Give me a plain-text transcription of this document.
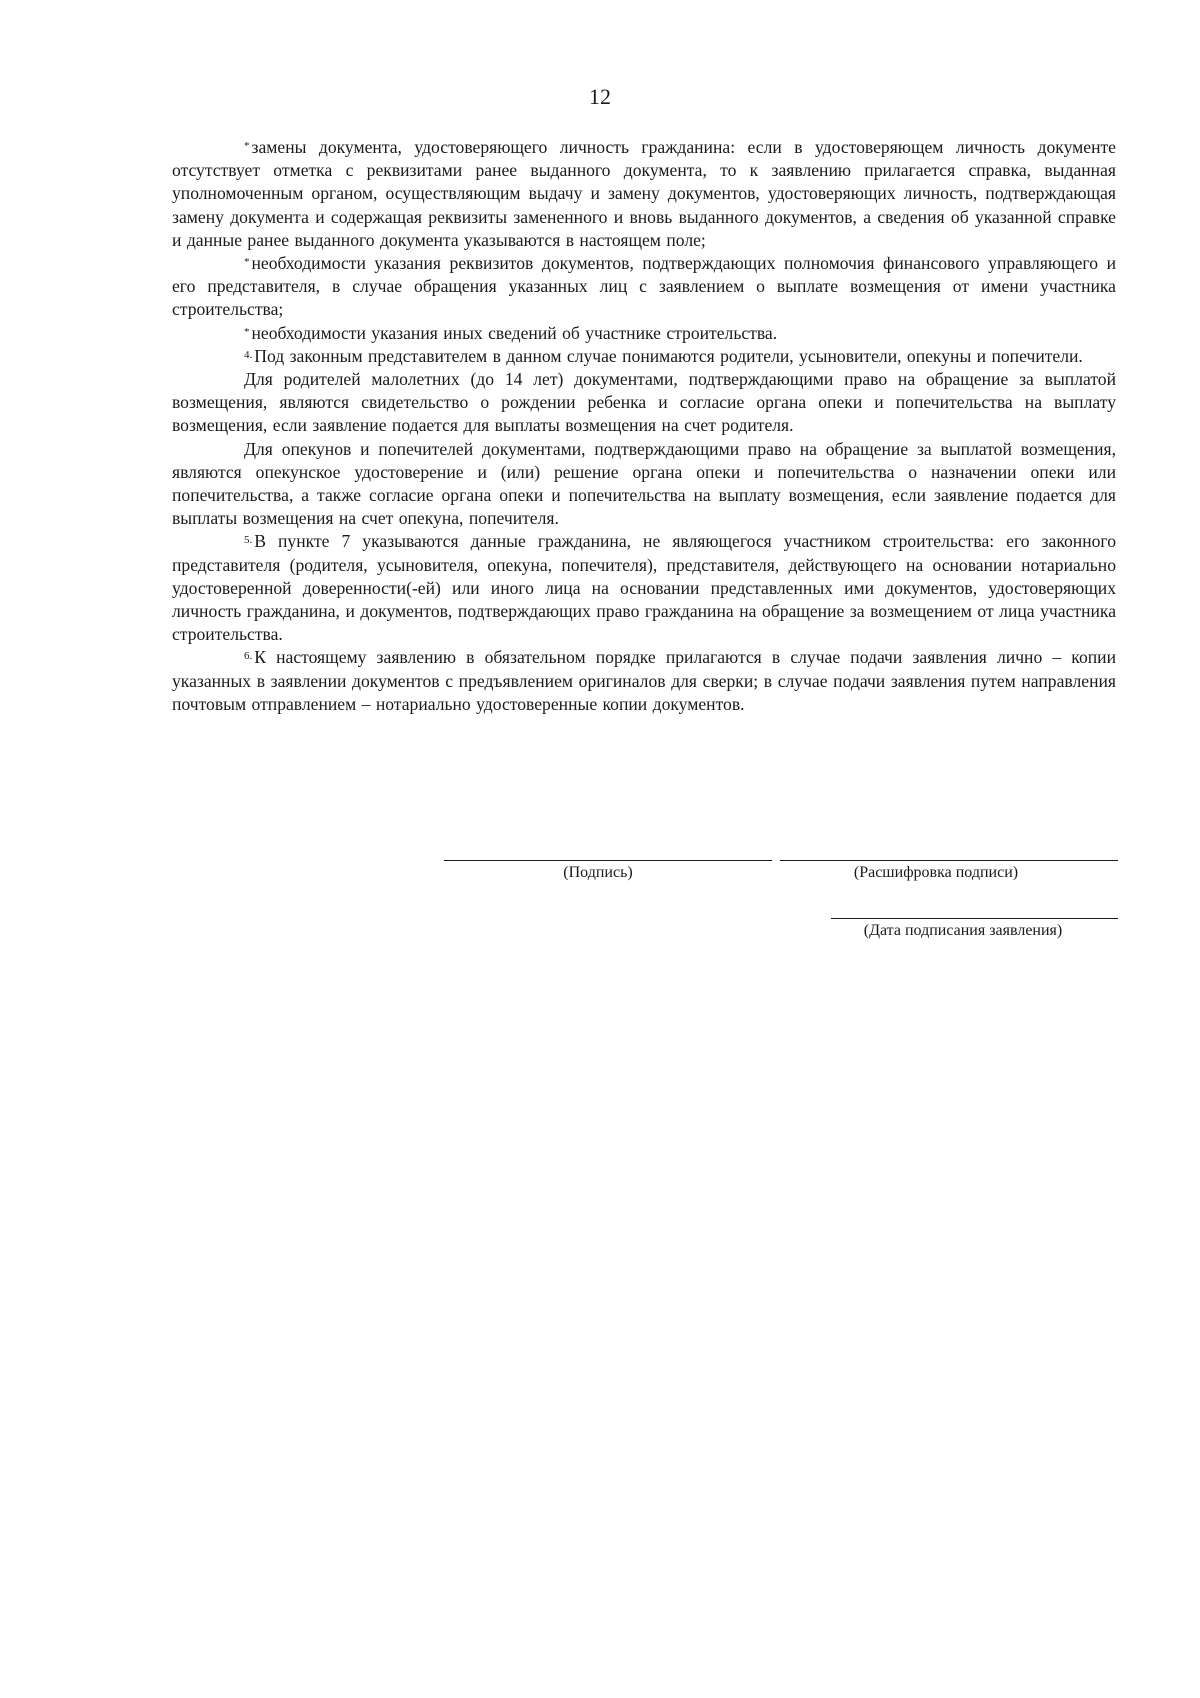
12

* замены документа, удостоверяющего личность гражданина: если в удостоверяющем личность документе отсутствует отметка с реквизитами ранее выданного документа, то к заявлению прилагается справка, выданная уполномоченным органом, осуществляющим выдачу и замену документов, удостоверяющих личность, подтверждающая замену документа и содержащая реквизиты замененного и вновь выданного документов, а сведения об указанной справке и данные ранее выданного документа указываются в настоящем поле;

* необходимости указания реквизитов документов, подтверждающих полномочия финансового управляющего и его представителя, в случае обращения указанных лиц с заявлением о выплате возмещения от имени участника строительства;

* необходимости указания иных сведений об участнике строительства.

$^{4.}$ Под законным представителем в данном случае понимаются родители, усыновители, опекуны и попечители.

Для родителей малолетних (до 14 лет) документами, подтверждающими право на обращение за выплатой возмещения, являются свидетельство о рождении ребенка и согласие органа опеки и попечительства на выплату возмещения, если заявление подается для выплаты возмещения на счет родителя.

Для опекунов и попечителей документами, подтверждающими право на обращение за выплатой возмещения, являются опекунское удостоверение и (или) решение органа опеки и попечительства о назначении опеки или попечительства, а также согласие органа опеки и попечительства на выплату возмещения, если заявление подается для выплаты возмещения на счет опекуна, попечителя.

$^{5.}$ В пункте 7 указываются данные гражданина, не являющегося участником строительства: его законного представителя (родителя, усыновителя, опекуна, попечителя), представителя, действующего на основании нотариально удостоверенной доверенности(-ей) или иного лица на основании представленных ими документов, удостоверяющих личность гражданина, и документов, подтверждающих право гражданина на обращение за возмещением от лица участника строительства.

$^{6.}$ К настоящему заявлению в обязательном порядке прилагаются в случае подачи заявления лично – копии указанных в заявлении документов с предъявлением оригиналов для сверки; в случае подачи заявления путем направления почтовым отправлением – нотариально удостоверенные копии документов.

(Подпись)	(Расшифровка подписи)
(Дата подписания заявления)
